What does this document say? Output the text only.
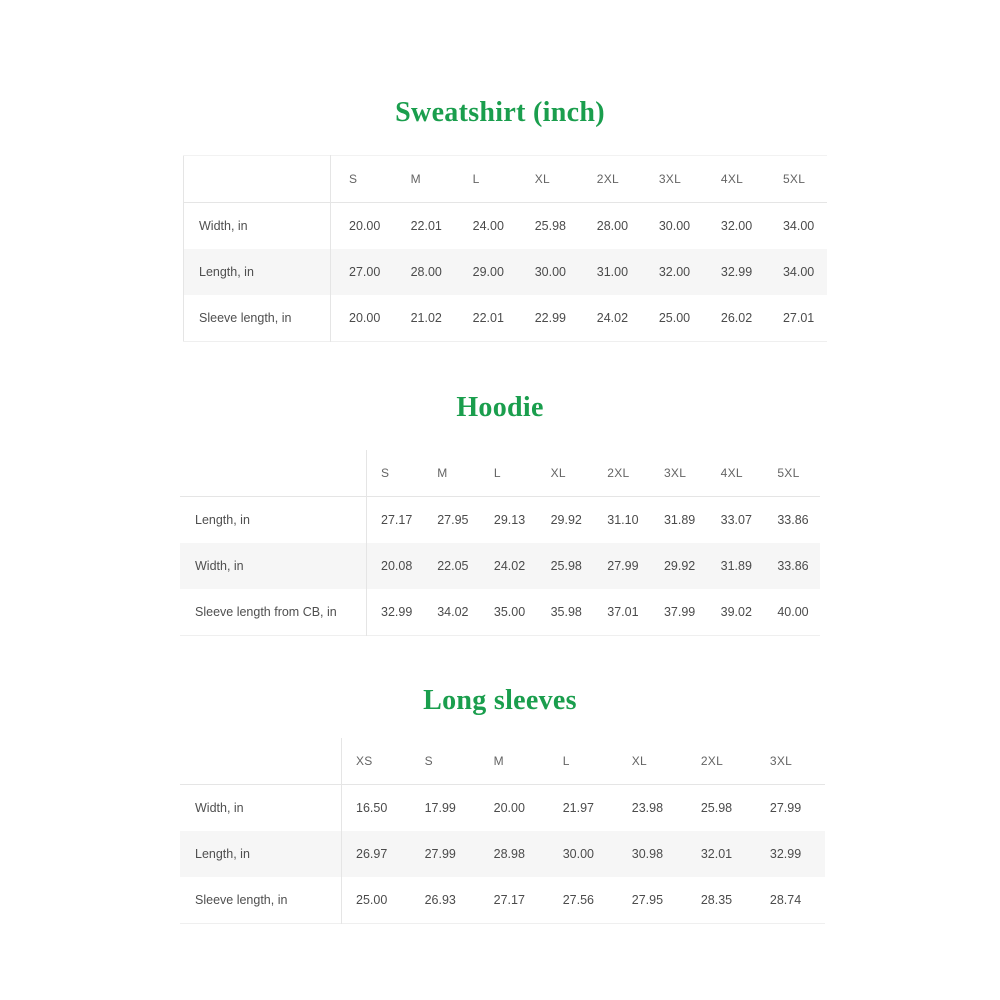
Sweatshirt (inch)
	S	M	L	XL	2XL	3XL	4XL	5XL
Width, in	20.00	22.01	24.00	25.98	28.00	30.00	32.00	34.00
Length, in	27.00	28.00	29.00	30.00	31.00	32.00	32.99	34.00
Sleeve length, in	20.00	21.02	22.01	22.99	24.02	25.00	26.02	27.01
Hoodie
	S	M	L	XL	2XL	3XL	4XL	5XL
Length, in	27.17	27.95	29.13	29.92	31.10	31.89	33.07	33.86
Width, in	20.08	22.05	24.02	25.98	27.99	29.92	31.89	33.86
Sleeve length from CB, in	32.99	34.02	35.00	35.98	37.01	37.99	39.02	40.00
Long sleeves
	XS	S	M	L	XL	2XL	3XL
Width, in	16.50	17.99	20.00	21.97	23.98	25.98	27.99
Length, in	26.97	27.99	28.98	30.00	30.98	32.01	32.99
Sleeve length, in	25.00	26.93	27.17	27.56	27.95	28.35	28.74
